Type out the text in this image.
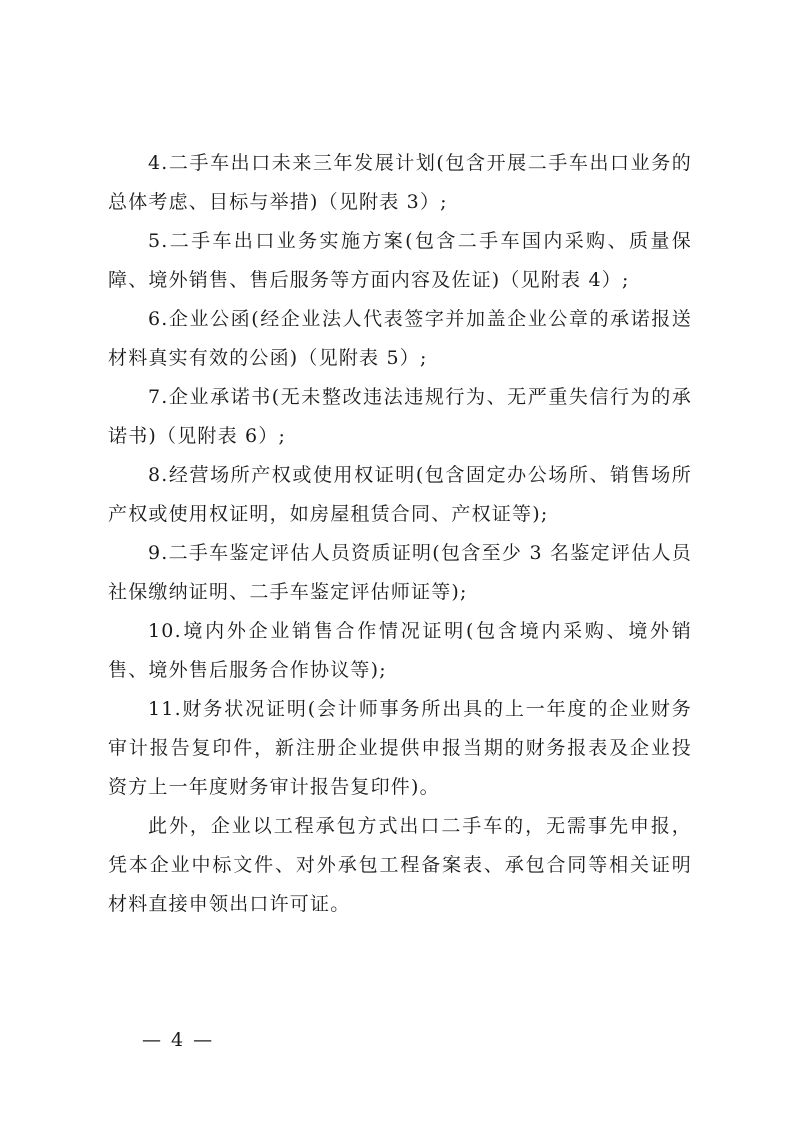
4.二手车出口未来三年发展计划(包含开展二手车出口业务的总体考虑、目标与举措)（见附表 3）;

5.二手车出口业务实施方案(包含二手车国内采购、质量保障、境外销售、售后服务等方面内容及佐证)（见附表 4）;

6.企业公函(经企业法人代表签字并加盖企业公章的承诺报送材料真实有效的公函)（见附表 5）;

7.企业承诺书(无未整改违法违规行为、无严重失信行为的承诺书)（见附表 6）;

8.经营场所产权或使用权证明(包含固定办公场所、销售场所产权或使用权证明，如房屋租赁合同、产权证等);

9.二手车鉴定评估人员资质证明(包含至少 3 名鉴定评估人员社保缴纳证明、二手车鉴定评估师证等);

10.境内外企业销售合作情况证明(包含境内采购、境外销售、境外售后服务合作协议等);

11.财务状况证明(会计师事务所出具的上一年度的企业财务审计报告复印件，新注册企业提供申报当期的财务报表及企业投资方上一年度财务审计报告复印件)。

此外，企业以工程承包方式出口二手车的，无需事先申报，凭本企业中标文件、对外承包工程备案表、承包合同等相关证明材料直接申领出口许可证。

— 4 —
